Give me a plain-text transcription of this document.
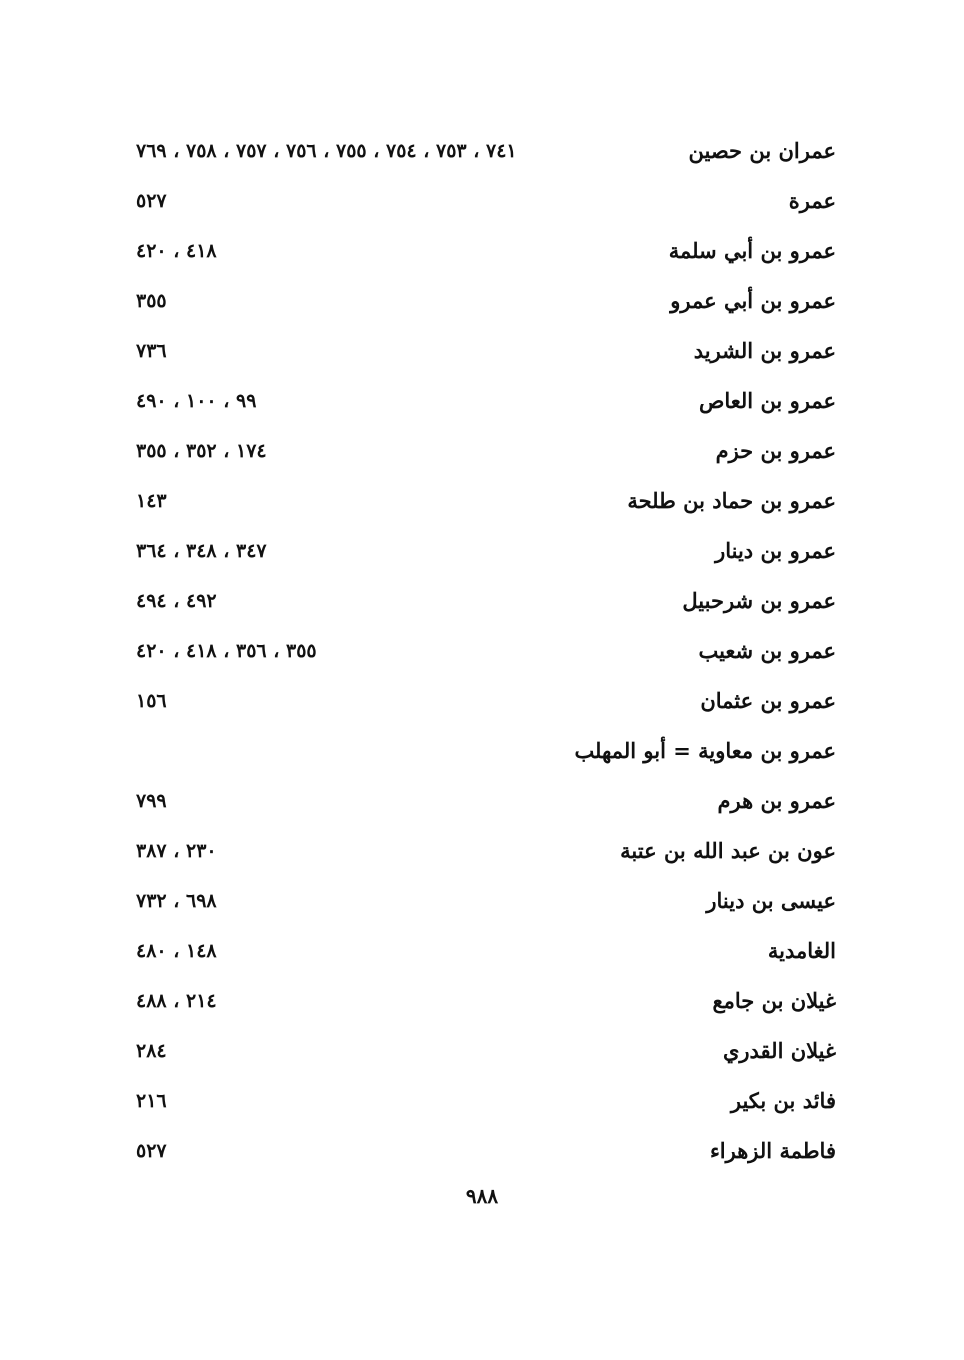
عمران بن حصين
٧٤١ ، ٧٥٣ ، ٧٥٤ ، ٧٥٥ ، ٧٥٦ ، ٧٥٧ ، ٧٥٨ ، ٧٦٩
عمرة
٥٢٧
عمرو بن أبي سلمة
٤١٨ ، ٤٢٠
عمرو بن أبي عمرو
٣٥٥
عمرو بن الشريد
٧٣٦
عمرو بن العاص
٩٩ ، ١٠٠ ، ٤٩٠
عمرو بن حزم
١٧٤ ، ٣٥٢ ، ٣٥٥
عمرو بن حماد بن طلحة
١٤٣
عمرو بن دينار
٣٤٧ ، ٣٤٨ ، ٣٦٤
عمرو بن شرحبيل
٤٩٢ ، ٤٩٤
عمرو بن شعيب
٣٥٥ ، ٣٥٦ ، ٤١٨ ، ٤٢٠
عمرو بن عثمان
١٥٦
عمرو بن معاوية = أبو المهلب
عمرو بن هرم
٧٩٩
عون بن عبد الله بن عتبة
٢٣٠ ، ٣٨٧
عيسى بن دينار
٦٩٨ ، ٧٣٢
الغامدية
١٤٨ ، ٤٨٠
غيلان بن جامع
٢١٤ ، ٤٨٨
غيلان القدري
٢٨٤
فائد بن بكير
٢١٦
فاطمة الزهراء
٥٢٧
٩٨٨
